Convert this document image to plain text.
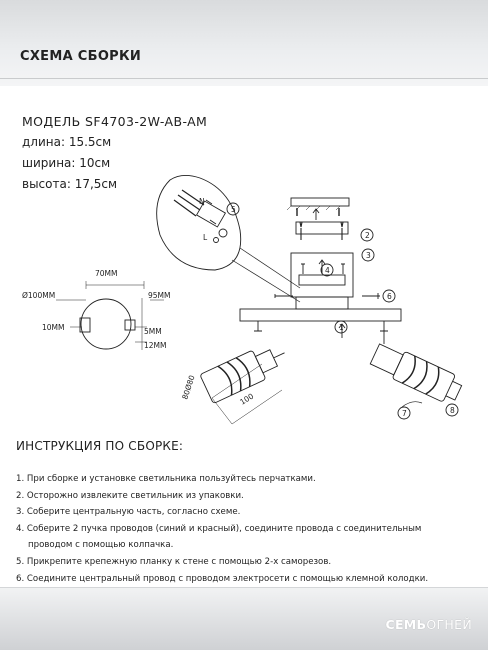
СХЕМА СБОРКИ
МОДЕЛЬ SF4703-2W-AB-AM
длина: 15.5см
ширина: 10см
высота: 17,5см
70MM
Ø100MM	95MM
10MM	5MM
12MM
80Ø80	100
L
N
1
2
3
4
5
6
7	8
ИНСТРУКЦИЯ ПО СБОРКЕ:
1. При сборке и установке светильника пользуйтесь перчатками.
2. Осторожно извлеките светильник из упаковки.
3. Соберите центральную часть, согласно схеме.
4. Соберите 2 пучка проводов (синий и красный), соедините провода с соединительным
проводом с помощью колпачка.
5. Прикрепите крепежную планку к стене с помощью 2-х саморезов.
6. Соедините центральный провод с проводом электросети с помощью клемной колодки.
СЕМЬОГНЕЙ
